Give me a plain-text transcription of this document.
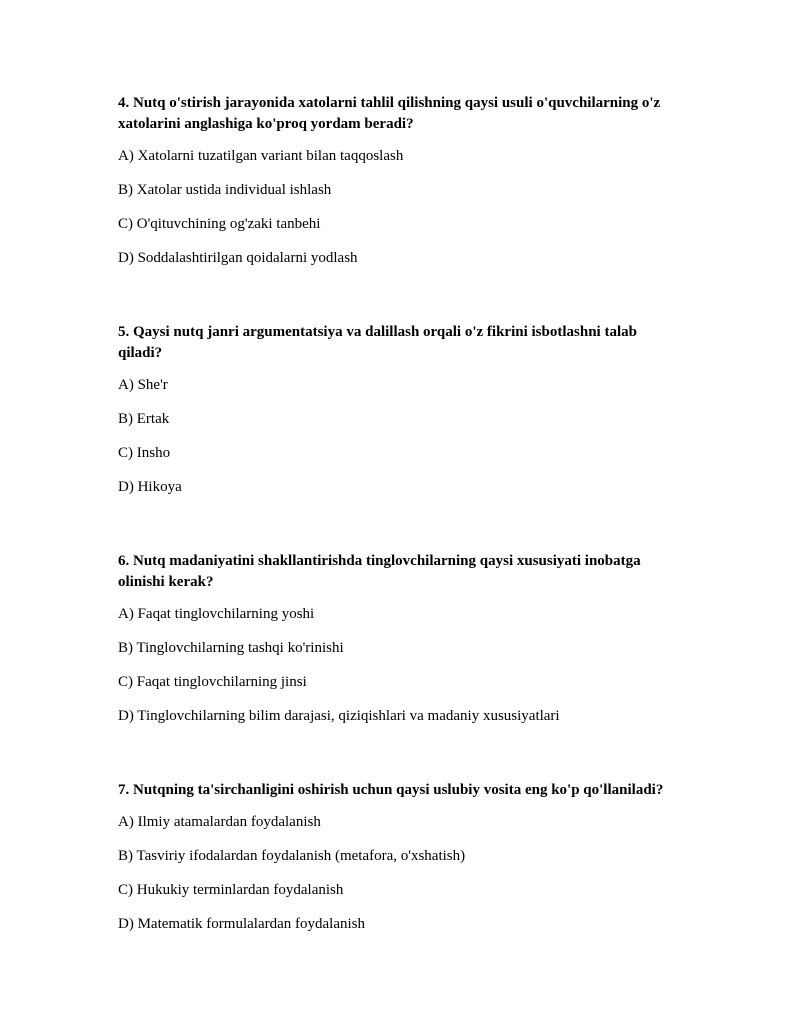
4. Nutq o'stirish jarayonida xatolarni tahlil qilishning qaysi usuli o'quvchilarning o'z xatolarini anglashiga ko'proq yordam beradi?

A) Xatolarni tuzatilgan variant bilan taqqoslash

B) Xatolar ustida individual ishlash

C) O'qituvchining og'zaki tanbehi

D) Soddalashtirilgan qoidalarni yodlash

5. Qaysi nutq janri argumentatsiya va dalillash orqali o'z fikrini isbotlashni talab qiladi?

A) She'r

B) Ertak

C) Insho

D) Hikoya

6. Nutq madaniyatini shakllantirishda tinglovchilarning qaysi xususiyati inobatga olinishi kerak?

A) Faqat tinglovchilarning yoshi

B) Tinglovchilarning tashqi ko'rinishi

C) Faqat tinglovchilarning jinsi

D) Tinglovchilarning bilim darajasi, qiziqishlari va madaniy xususiyatlari

7. Nutqning ta'sirchanligini oshirish uchun qaysi uslubiy vosita eng ko'p qo'llaniladi?

A) Ilmiy atamalardan foydalanish

B) Tasviriy ifodalardan foydalanish (metafora, o'xshatish)

C) Hukukiy terminlardan foydalanish

D) Matematik formulalardan foydalanish
